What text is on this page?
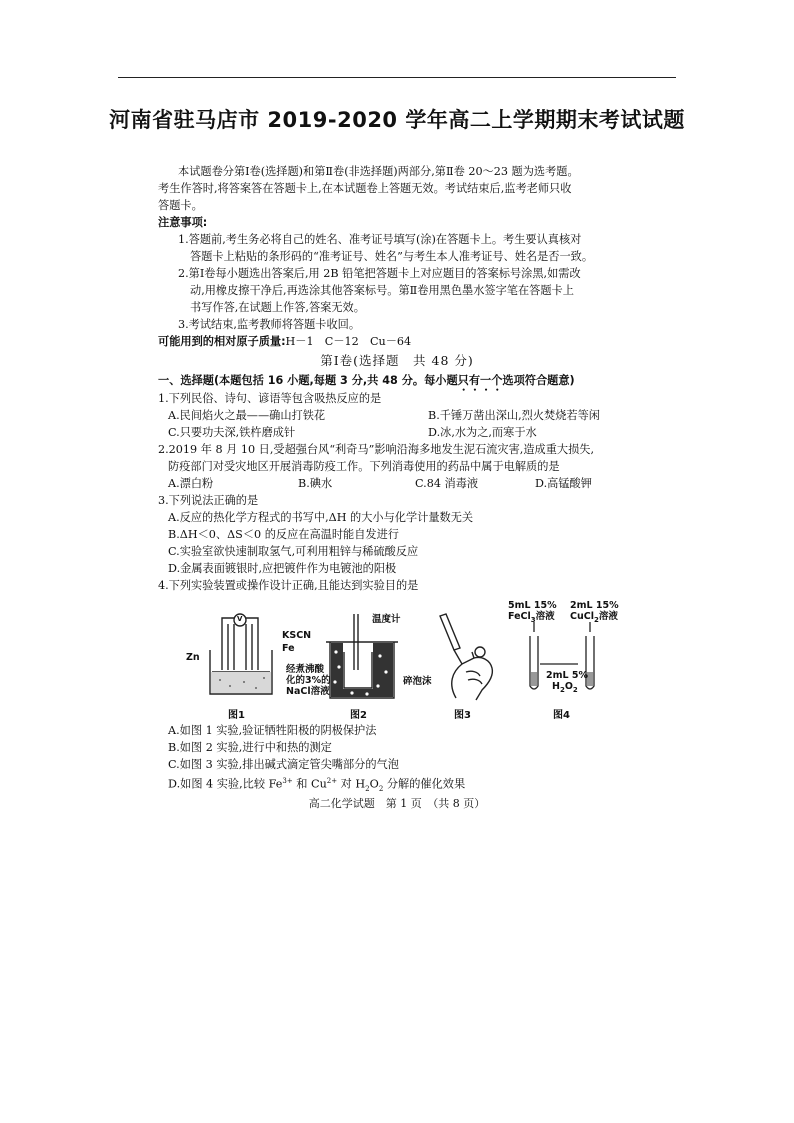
河南省驻马店市 2019-2020 学年高二上学期期末考试试题
本试题卷分第Ⅰ卷(选择题)和第Ⅱ卷(非选择题)两部分,第Ⅱ卷 20～23 题为选考题。
考生作答时,将答案答在答题卡上,在本试题卷上答题无效。考试结束后,监考老师只收
答题卡。
注意事项:
1.答题前,考生务必将自己的姓名、准考证号填写(涂)在答题卡上。考生要认真核对
答题卡上粘贴的条形码的“准考证号、姓名”与考生本人准考证号、姓名是否一致。
2.第Ⅰ卷每小题选出答案后,用 2B 铅笔把答题卡上对应题目的答案标号涂黑,如需改
动,用橡皮擦干净后,再选涂其他答案标号。第Ⅱ卷用黑色墨水签字笔在答题卡上
书写作答,在试题上作答,答案无效。
3.考试结束,监考教师将答题卡收回。
可能用到的相对原子质量:H－1　C－12　Cu－64
第Ⅰ卷(选择题　共 48 分)
一、选择题(本题包括 16 小题,每题 3 分,共 48 分。每小题只有一个选项符合题意)
1.下列民俗、诗句、谚语等包含吸热反应的是
A.民间焰火之最——确山打铁花	B.千锤万凿出深山,烈火焚烧若等闲
C.只要功夫深,铁杵磨成针	D.冰,水为之,而寒于水
2.2019 年 8 月 10 日,受超强台风“利奇马”影响沿海多地发生泥石流灾害,造成重大损失,
防疫部门对受灾地区开展消毒防疫工作。下列消毒使用的药品中属于电解质的是
A.漂白粉	B.碘水	C.84 消毒液	D.高锰酸钾
3.下列说法正确的是
A.反应的热化学方程式的书写中,ΔH 的大小与化学计量数无关
B.ΔH＜0、ΔS＜0 的反应在高温时能自发进行
C.实验室欲快速制取氢气,可利用粗锌与稀硫酸反应
D.金属表面镀银时,应把镀件作为电镀池的阳极
4.下列实验装置或操作设计正确,且能达到实验目的是
V
KSCN
Fe
Zn
经煮沸酸
化的3%的
NaCl溶液
图1
温度计
碎泡沫
图2	图3
5mL 15%
FeCl$_3$溶液
2mL 15%
CuCl$_2$溶液
2mL 5%
$H_2O_2$
图4
A.如图 1 实验,验证牺牲阳极的阴极保护法
B.如图 2 实验,进行中和热的测定
C.如图 3 实验,排出碱式滴定管尖嘴部分的气泡
D.如图 4 实验,比较 $Fe^{3+}$ 和 $Cu^{2+}$ 对 $H_2O_2$ 分解的催化效果
高二化学试题　第 1 页　（共 8 页）
